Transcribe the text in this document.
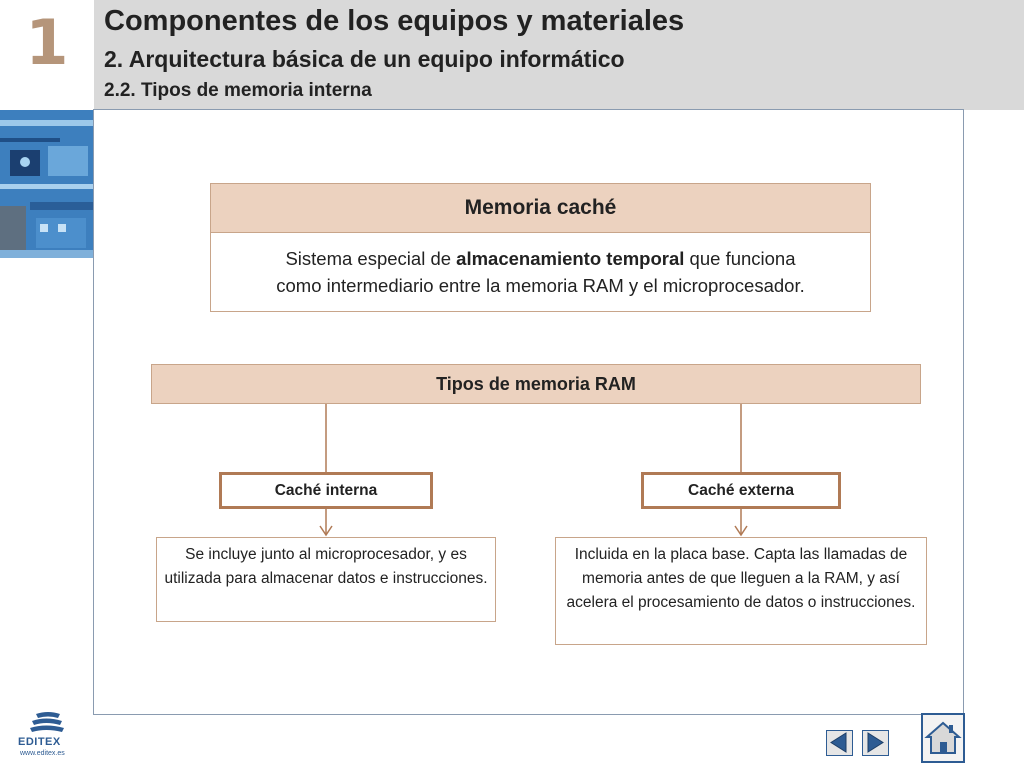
1	Componentes de los equipos y materiales
2. Arquitectura básica de un equipo informático
2.2. Tipos de memoria interna
Memoria caché
Sistema especial de almacenamiento temporal que funciona
como intermediario entre la memoria RAM y el microprocesador.
Tipos de memoria RAM
Caché interna	Caché externa
Se incluye junto al microprocesador, y es utilizada para almacenar datos e instrucciones.
Incluida en la placa base. Capta las llamadas de memoria antes de que lleguen a la RAM, y así acelera el procesamiento de datos o instrucciones.
EDITEX
www.editex.es
